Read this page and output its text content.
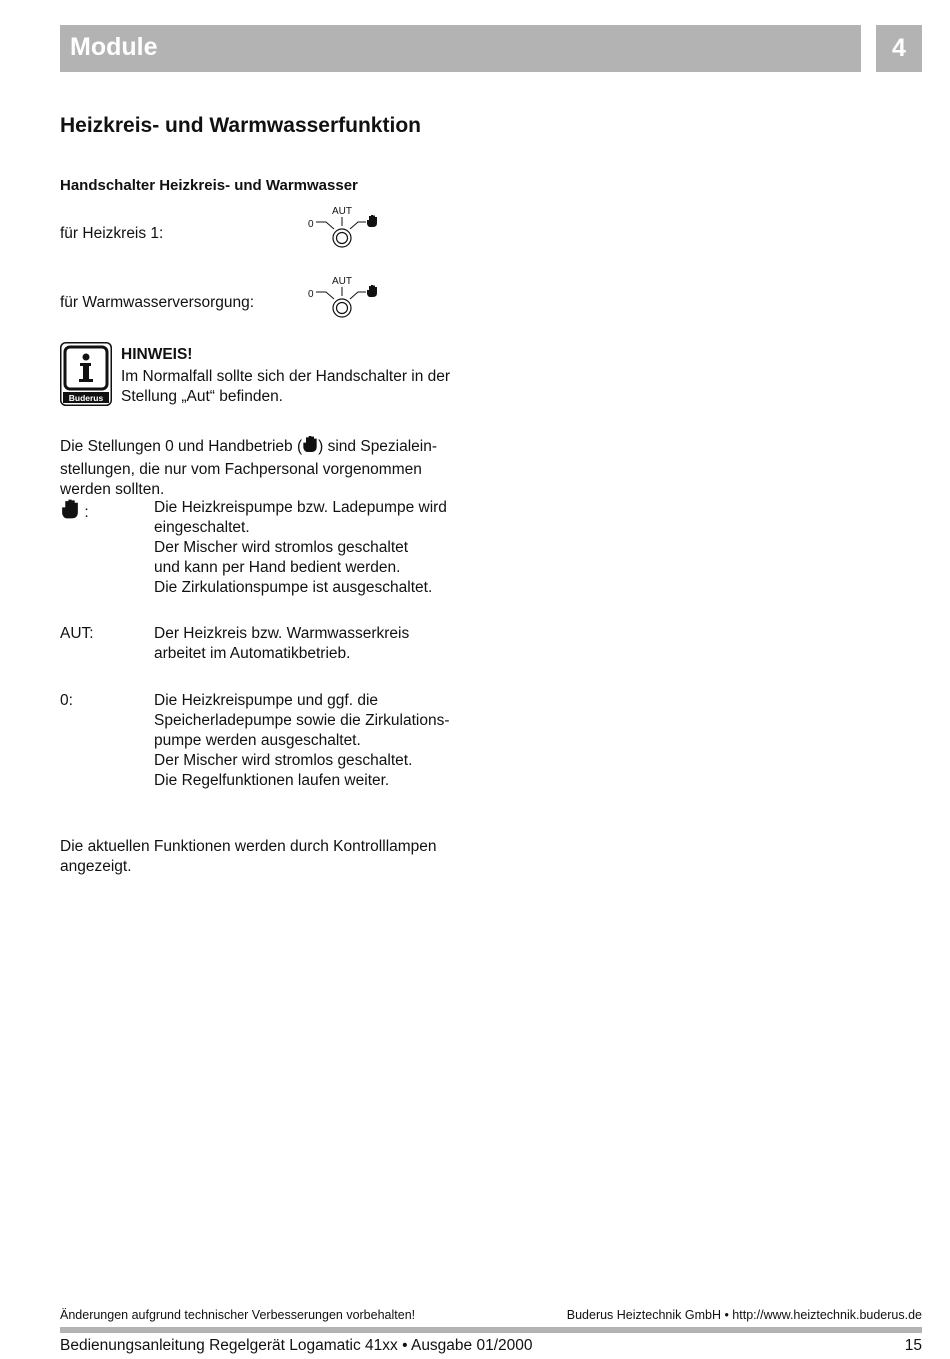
Module	4
Heizkreis- und Warmwasserfunktion
Handschalter Heizkreis- und Warmwasser
für Heizkreis 1:
AUT
0
für Warmwasserversorgung:
AUT
0
Buderus
HINWEIS!
Im Normalfall sollte sich der Handschalter in der Stellung „Aut“ befinden.
Die Stellungen 0 und Handbetrieb ( ) sind Spezialein- stellungen, die nur vom Fachpersonal vorgenommen werden sollten.
:	Die Heizkreispumpe bzw. Ladepumpe wird
eingeschaltet.
Der Mischer wird stromlos geschaltet
und kann per Hand bedient werden.
Die Zirkulationspumpe ist ausgeschaltet.
AUT:	Der Heizkreis bzw. Warmwasserkreis
arbeitet im Automatikbetrieb.
0:	Die Heizkreispumpe und ggf. die
Speicherladepumpe sowie die Zirkulations-
pumpe werden ausgeschaltet.
Der Mischer wird stromlos geschaltet.
Die Regelfunktionen laufen weiter.
Die aktuellen Funktionen werden durch Kontrolllampen angezeigt.
Änderungen aufgrund technischer Verbesserungen vorbehalten!	Buderus Heiztechnik GmbH • http://www.heiztechnik.buderus.de
Bedienungsanleitung Regelgerät Logamatic 41xx • Ausgabe 01/2000	15
